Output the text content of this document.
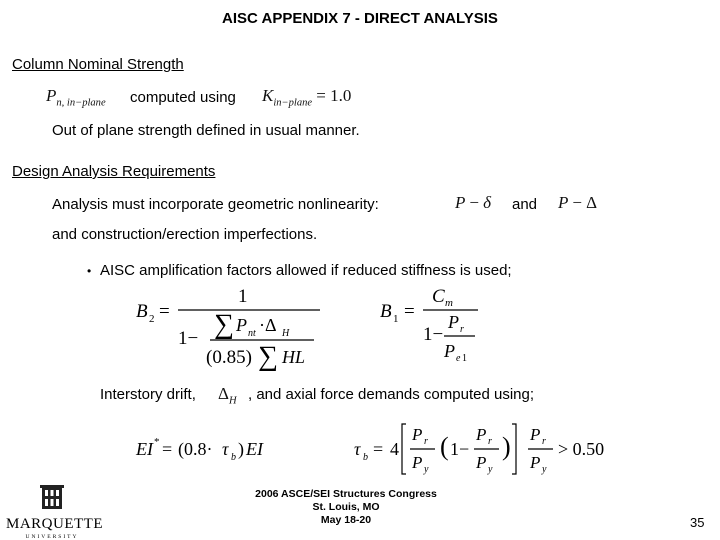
AISC APPENDIX 7 - DIRECT ANALYSIS
Column Nominal Strength
$P_{n, in-plane}$ computed using $K_{in-plane} = 1.0$
Out of plane strength defined in usual manner.
Design Analysis Requirements
Analysis must incorporate geometric nonlinearity:	P − δ and P − Δ
and construction/erection imperfections.
• AISC amplification factors allowed if reduced stiffness is used;
B 2 =
1
1− ∑ P nt ·Δ H
(0.85) ∑ HL
B 1 =
C m
1−
P r
P e 1
Interstory drift, $\Delta_H$ , and axial force demands computed using;
EI * = (0.8· τ b ) EI	τ b = 4
P r
P y
( 1−
P r
P y
) P r
P y
> 0.50
MARQUETTE
UNIVERSITY
2006 ASCE/SEI Structures Congress
St. Louis, MO
May 18-20	35
